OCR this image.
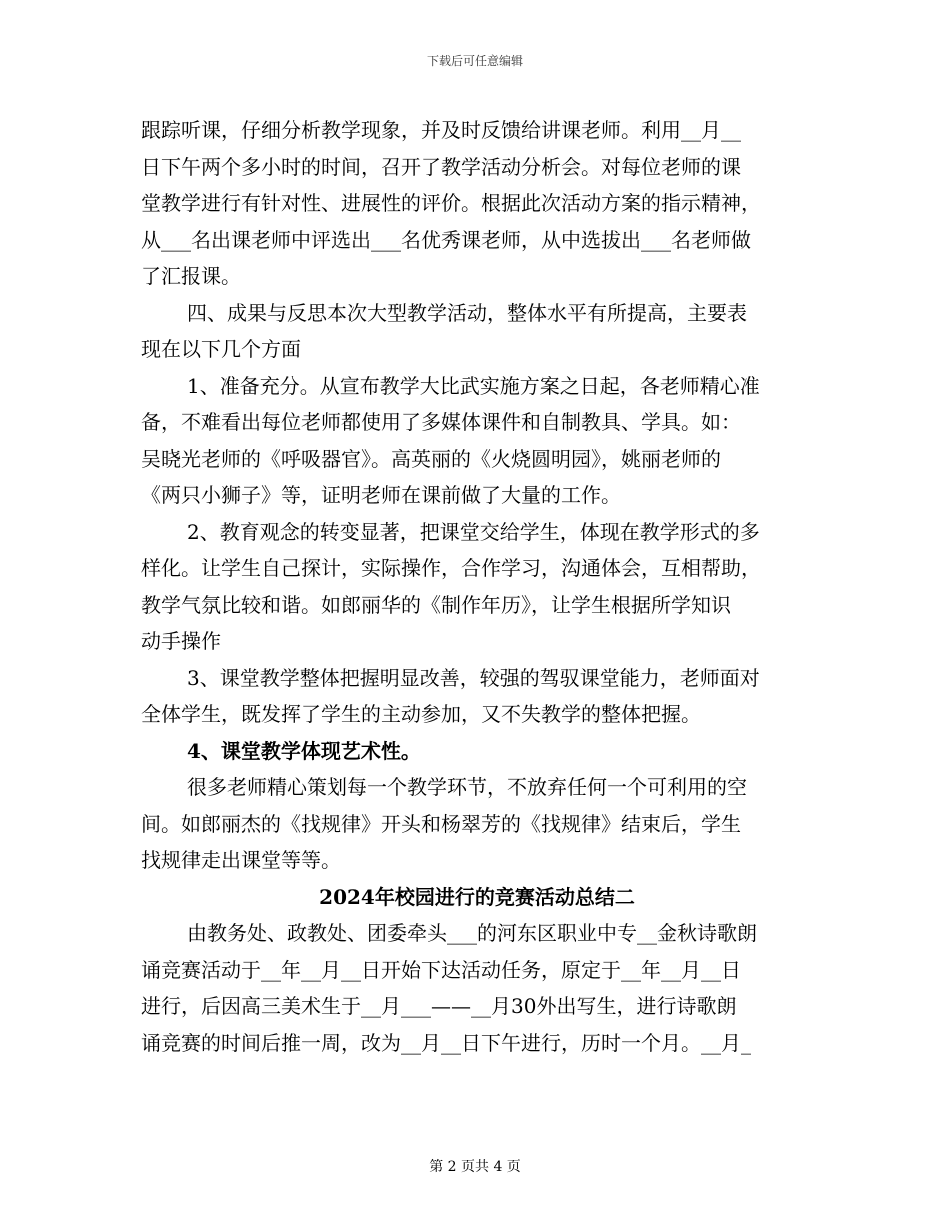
下载后可任意编辑
跟踪听课，仔细分析教学现象，并及时反馈给讲课老师。利用__月__
日下午两个多小时的时间，召开了教学活动分析会。对每位老师的课
堂教学进行有针对性、进展性的评价。根据此次活动方案的指示精神，
从___名出课老师中评选出___名优秀课老师，从中选拔出___名老师做
了汇报课。
四、成果与反思本次大型教学活动，整体水平有所提高，主要表
现在以下几个方面
1、准备充分。从宣布教学大比武实施方案之日起，各老师精心准
备，不难看出每位老师都使用了多媒体课件和自制教具、学具。如：
吴晓光老师的《呼吸器官》。高英丽的《火烧圆明园》，姚丽老师的
《两只小狮子》等，证明老师在课前做了大量的工作。
2、教育观念的转变显著，把课堂交给学生，体现在教学形式的多
样化。让学生自己探计，实际操作，合作学习，沟通体会，互相帮助，
教学气氛比较和谐。如郎丽华的《制作年历》，让学生根据所学知识
动手操作
3、课堂教学整体把握明显改善，较强的驾驭课堂能力，老师面对
全体学生，既发挥了学生的主动参加，又不失教学的整体把握。
4、课堂教学体现艺术性。
很多老师精心策划每一个教学环节，不放弃任何一个可利用的空
间。如郎丽杰的《找规律》开头和杨翠芳的《找规律》结束后，学生
找规律走出课堂等等。
2024年校园进行的竞赛活动总结二
由教务处、政教处、团委牵头___的河东区职业中专__金秋诗歌朗
诵竞赛活动于__年__月__日开始下达活动任务，原定于__年__月__日
进行，后因高三美术生于__月___——__月30外出写生，进行诗歌朗
诵竞赛的时间后推一周，改为__月__日下午进行，历时一个月。__月_
第 2 页共 4 页
